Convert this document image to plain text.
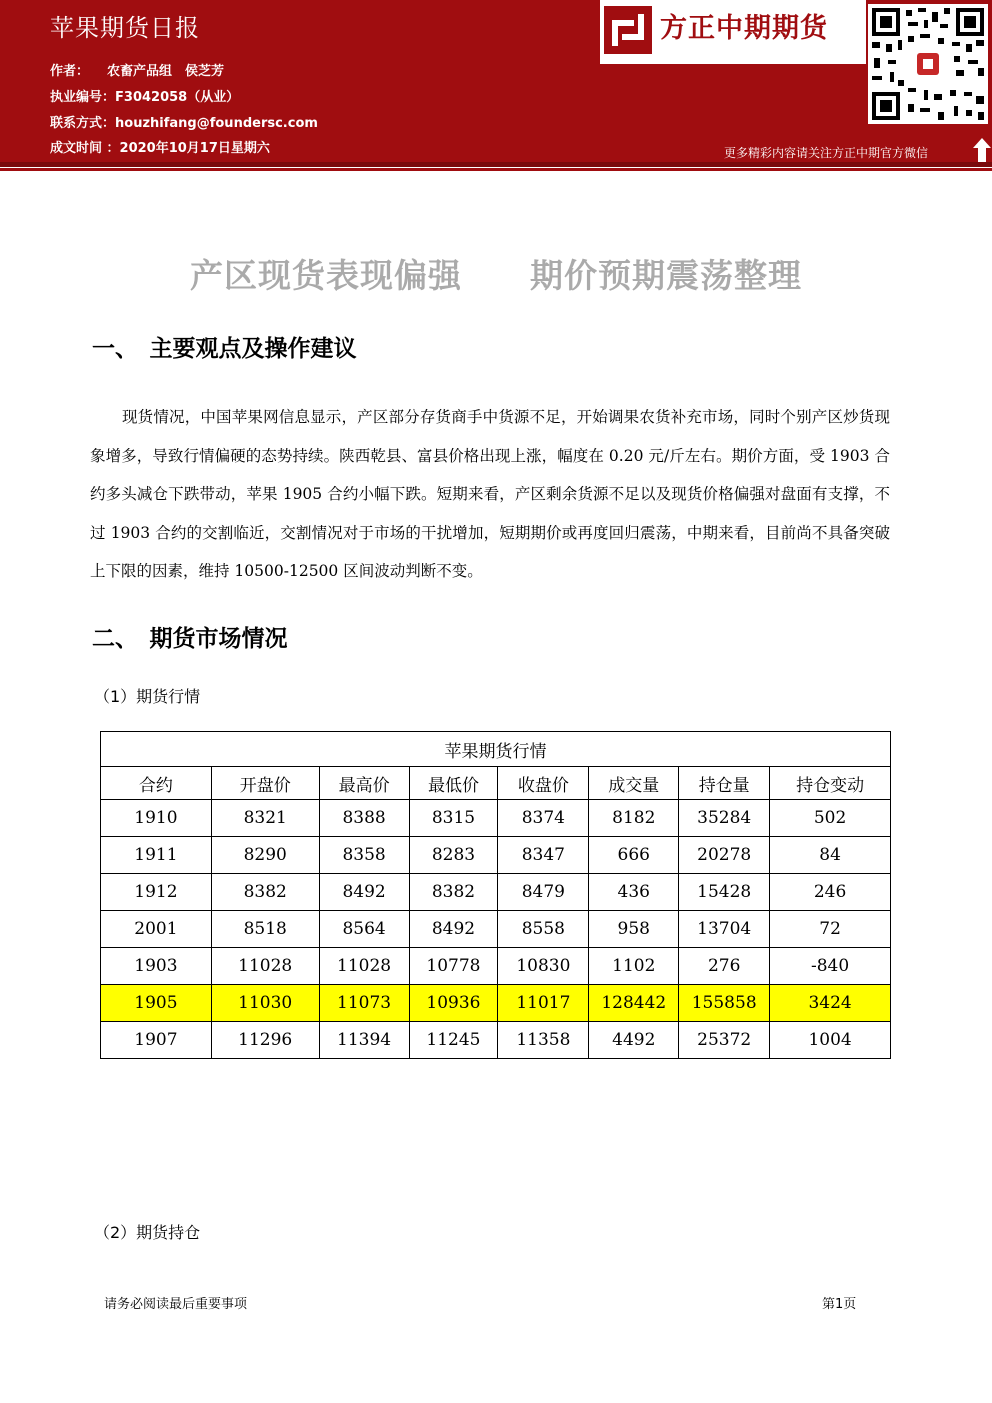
苹果期货日报
作者： 农畜产品组　侯芝芳
执业编号：F3042058（从业）
联系方式：houzhifang@foundersc.com
成文时间 ：2020年10月17日星期六
方正中期期货
FOUNDER CIFCO FUTURES
更多精彩内容请关注方正中期官方微信
产区现货表现偏强　　期价预期震荡整理
一、　主要观点及操作建议
现货情况，中国苹果网信息显示，产区部分存货商手中货源不足，开始调果农货补充市场，同时个别产区炒货现象增多，导致行情偏硬的态势持续。陕西乾县、富县价格出现上涨，幅度在 0.20 元/斤左右。期价方面，受 1903 合约多头减仓下跌带动，苹果 1905 合约小幅下跌。短期来看，产区剩余货源不足以及现货价格偏强对盘面有支撑，不过 1903 合约的交割临近，交割情况对于市场的干扰增加，短期期价或再度回归震荡，中期来看，目前尚不具备突破上下限的因素，维持 10500-12500 区间波动判断不变。
二、　期货市场情况
（1）期货行情
苹果期货行情							
合约	开盘价	最高价	最低价	收盘价	成交量	持仓量	持仓变动
1910	8321	8388	8315	8374	8182	35284	502
1911	8290	8358	8283	8347	666	20278	84
1912	8382	8492	8382	8479	436	15428	246
2001	8518	8564	8492	8558	958	13704	72
1903	11028	11028	10778	10830	1102	276	-840
1905	11030	11073	10936	11017	128442	155858	3424
1907	11296	11394	11245	11358	4492	25372	1004
（2）期货持仓
请务必阅读最后重要事项	第1页
